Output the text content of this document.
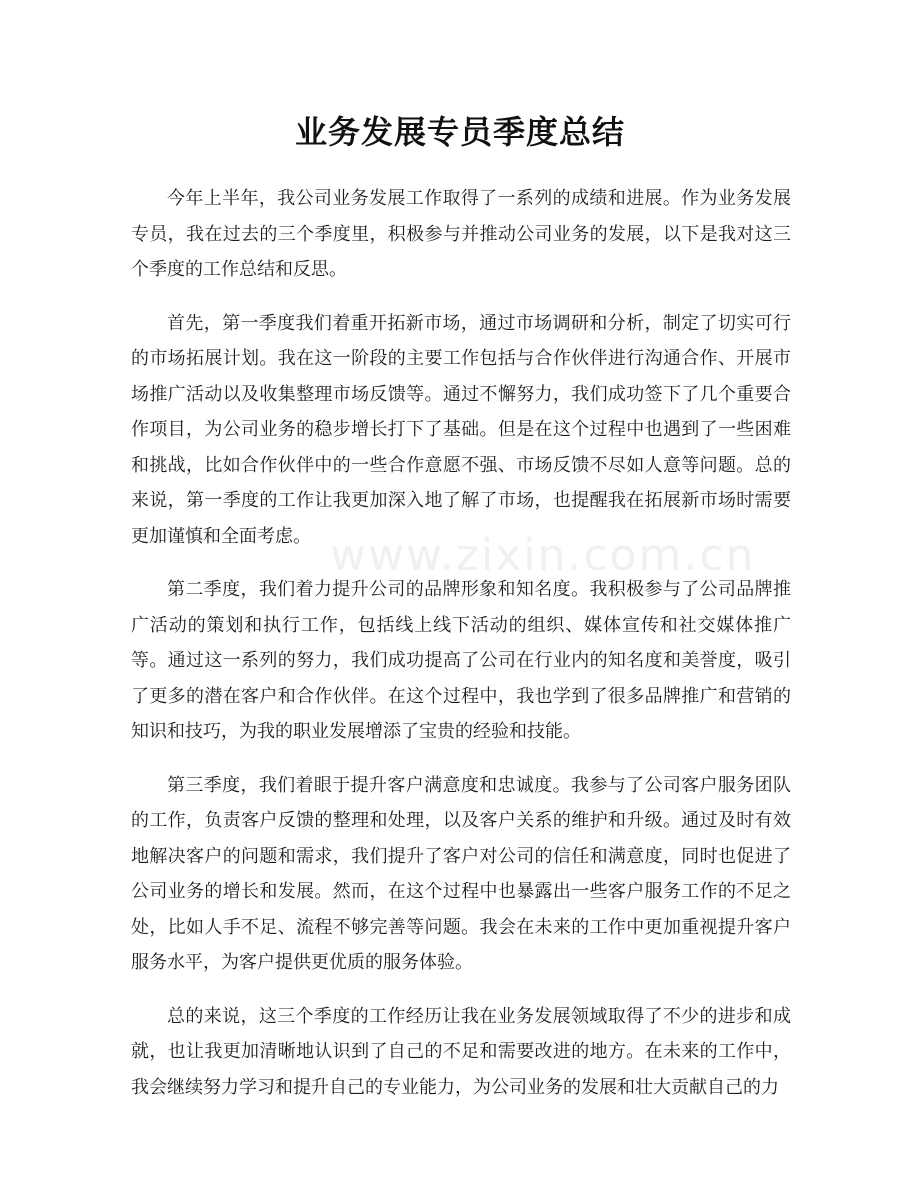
业务发展专员季度总结
www.zixin.com.cn

今年上半年，我公司业务发展工作取得了一系列的成绩和进展。作为业务发展专员，我在过去的三个季度里，积极参与并推动公司业务的发展，以下是我对这三个季度的工作总结和反思。

首先，第一季度我们着重开拓新市场，通过市场调研和分析，制定了切实可行的市场拓展计划。我在这一阶段的主要工作包括与合作伙伴进行沟通合作、开展市场推广活动以及收集整理市场反馈等。通过不懈努力，我们成功签下了几个重要合作项目，为公司业务的稳步增长打下了基础。但是在这个过程中也遇到了一些困难和挑战，比如合作伙伴中的一些合作意愿不强、市场反馈不尽如人意等问题。总的来说，第一季度的工作让我更加深入地了解了市场，也提醒我在拓展新市场时需要更加谨慎和全面考虑。

第二季度，我们着力提升公司的品牌形象和知名度。我积极参与了公司品牌推广活动的策划和执行工作，包括线上线下活动的组织、媒体宣传和社交媒体推广等。通过这一系列的努力，我们成功提高了公司在行业内的知名度和美誉度，吸引了更多的潜在客户和合作伙伴。在这个过程中，我也学到了很多品牌推广和营销的知识和技巧，为我的职业发展增添了宝贵的经验和技能。

第三季度，我们着眼于提升客户满意度和忠诚度。我参与了公司客户服务团队的工作，负责客户反馈的整理和处理，以及客户关系的维护和升级。通过及时有效地解决客户的问题和需求，我们提升了客户对公司的信任和满意度，同时也促进了公司业务的增长和发展。然而，在这个过程中也暴露出一些客户服务工作的不足之处，比如人手不足、流程不够完善等问题。我会在未来的工作中更加重视提升客户服务水平，为客户提供更优质的服务体验。

总的来说，这三个季度的工作经历让我在业务发展领域取得了不少的进步和成就，也让我更加清晰地认识到了自己的不足和需要改进的地方。在未来的工作中，我会继续努力学习和提升自己的专业能力，为公司业务的发展和壮大贡献自己的力
